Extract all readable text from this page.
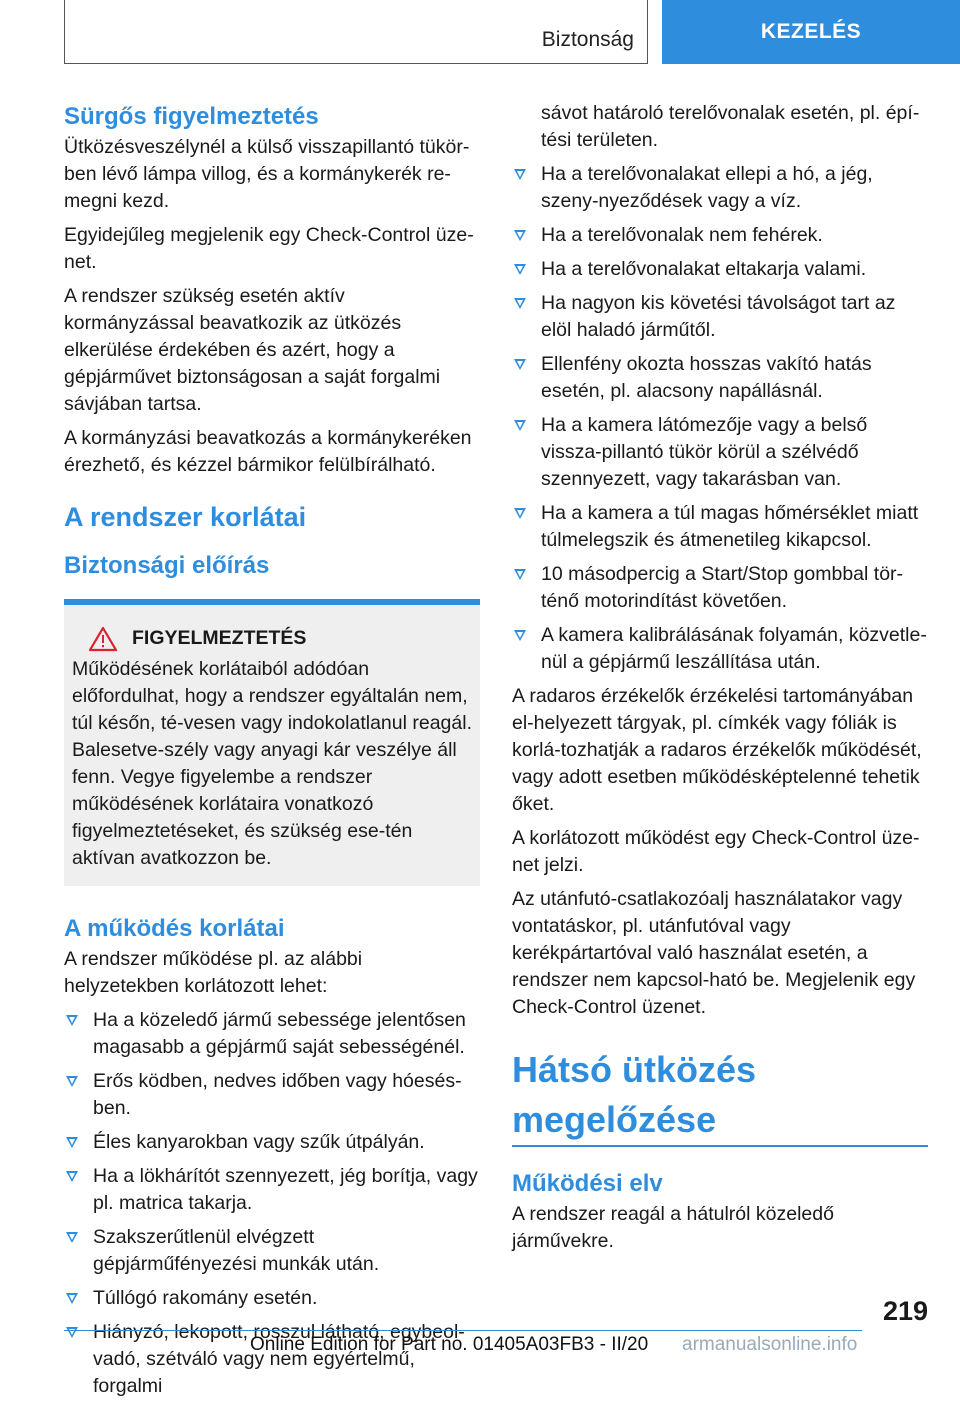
Biztonság	KEZELÉS
Sürgős figyelmeztetés

Ütközésveszélynél a külső visszapillantó tükör-ben lévő lámpa villog, és a kormánykerék re-megni kezd.

Egyidejűleg megjelenik egy Check-Control üze-net.

A rendszer szükség esetén aktív kormányzással beavatkozik az ütközés elkerülése érdekében és azért, hogy a gépjárművet biztonságosan a saját forgalmi sávjában tartsa.

A kormányzási beavatkozás a kormánykeréken érezhető, és kézzel bármikor felülbírálható.

A rendszer korlátai
Biztonsági előírás
FIGYELMEZTETÉS

Működésének korlátaiból adódóan előfordulhat, hogy a rendszer egyáltalán nem, túl későn, té-vesen vagy indokolatlanul reagál. Balesetve-szély vagy anyagi kár veszélye áll fenn. Vegye figyelembe a rendszer működésének korlátaira vonatkozó figyelmeztetéseket, és szükség ese-tén aktívan avatkozzon be.

A működés korlátai

A rendszer működése pl. az alábbi helyzetekben korlátozott lehet:

Ha a közeledő jármű sebessége jelentősen magasabb a gépjármű saját sebességénél.
Erős ködben, nedves időben vagy hóesés-ben.
Éles kanyarokban vagy szűk útpályán.
Ha a lökhárítót szennyezett, jég borítja, vagy pl. matrica takarja.
Szakszerűtlenül elvégzett gépjárműfényezési munkák után.
Túllógó rakomány esetén.
Hiányzó, lekopott, rosszul látható, egybeol-vadó, szétváló vagy nem egyértelmű, forgalmi

sávot határoló terelővonalak esetén, pl. épí-tési területen.

Ha a terelővonalakat ellepi a hó, a jég, szeny-nyeződések vagy a víz.
Ha a terelővonalak nem fehérek.
Ha a terelővonalakat eltakarja valami.
Ha nagyon kis követési távolságot tart az elöl haladó járműtől.
Ellenfény okozta hosszas vakító hatás esetén, pl. alacsony napállásnál.
Ha a kamera látómezője vagy a belső vissza-pillantó tükör körül a szélvédő szennyezett, vagy takarásban van.
Ha a kamera a túl magas hőmérséklet miatt túlmelegszik és átmenetileg kikapcsol.
10 másodpercig a Start/Stop gombbal tör-ténő motorindítást követően.
A kamera kalibrálásának folyamán, közvetle-nül a gépjármű leszállítása után.

A radaros érzékelők érzékelési tartományában el-helyezett tárgyak, pl. címkék vagy fóliák is korlá-tozhatják a radaros érzékelők működését, vagy adott esetben működésképtelenné tehetik őket.

A korlátozott működést egy Check-Control üze-net jelzi.

Az utánfutó-csatlakozóalj használatakor vagy vontatáskor, pl. utánfutóval vagy kerékpártartóval való használat esetén, a rendszer nem kapcsol-ható be. Megjelenik egy Check-Control üzenet.

Hátsó ütközés megelőzése
Működési elv

A rendszer reagál a hátulról közeledő járművekre.

219
Online Edition for Part no. 01405A03FB3 - II/20 armanualsonline.info
